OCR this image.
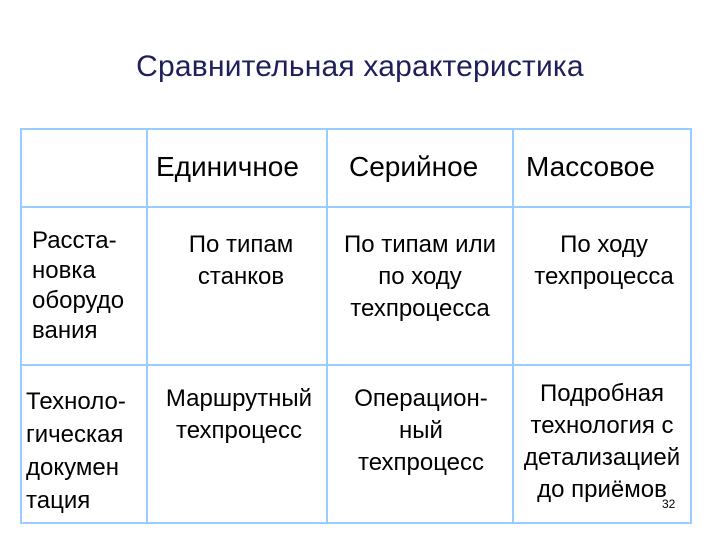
Сравнительная характеристика
Единичное Серийное Массовое
Расста-
новка
оборудо
вания
По типам
станков
По типам или
по ходу
техпроцесса
По ходу
техпроцесса
Техноло-
гическая
докумен
тация
Маршрутный
техпроцесс
Операцион-
ный
техпроцесс
Подробная
технология с
детализацией
до приёмов
32
